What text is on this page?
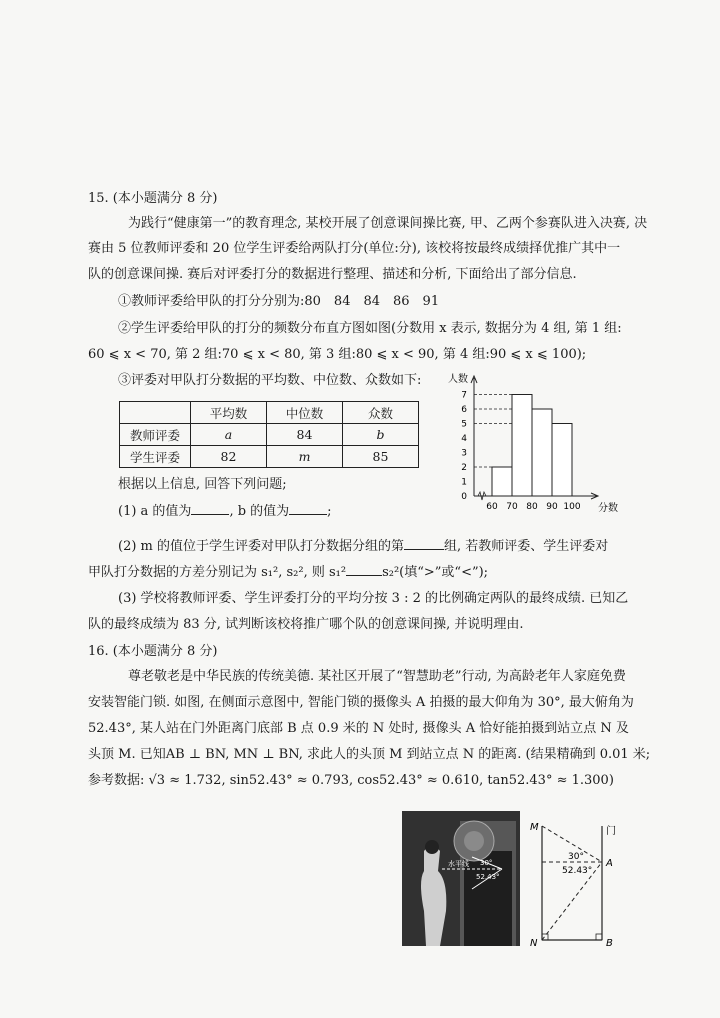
15. (本小题满分 8 分)
为践行“健康第一”的教育理念, 某校开展了创意课间操比赛, 甲、乙两个参赛队进入决赛, 决
赛由 5 位教师评委和 20 位学生评委给两队打分(单位:分), 该校将按最终成绩择优推广其中一
队的创意课间操. 赛后对评委打分的数据进行整理、描述和分析, 下面给出了部分信息.
①教师评委给甲队的打分分别为:80　84　84　86　91
②学生评委给甲队的打分的频数分布直方图如图(分数用 x 表示, 数据分为 4 组, 第 1 组:
60 ⩽ x < 70, 第 2 组:70 ⩽ x < 80, 第 3 组:80 ⩽ x < 90, 第 4 组:90 ⩽ x ⩽ 100);
③评委对甲队打分数据的平均数、中位数、众数如下:
	平均数	中位数	众数
教师评委	a	84	b
学生评委	82	m	85
0
1
2
3
4
5
6
7
60 70 80 90 100
人数
分数
根据以上信息, 回答下列问题;
(1) a 的值为	, b 的值为	;
(2) m 的值位于学生评委对甲队打分数据分组的第	组, 若教师评委、学生评委对
甲队打分数据的方差分别记为 s₁², s₂², 则 s₁²	s₂²(填“>”或“<”);
(3) 学校将教师评委、学生评委打分的平均分按 3 : 2 的比例确定两队的最终成绩. 已知乙
队的最终成绩为 83 分, 试判断该校将推广哪个队的创意课间操, 并说明理由.
16. (本小题满分 8 分)
尊老敬老是中华民族的传统美德. 某社区开展了“智慧助老”行动, 为高龄老年人家庭免费
安装智能门锁. 如图, 在侧面示意图中, 智能门锁的摄像头 A 拍摄的最大仰角为 30°, 最大俯角为
52.43°, 某人站在门外距离门底部 B 点 0.9 米的 N 处时, 摄像头 A 恰好能拍摄到站立点 N 及
头顶 M. 已知AB ⊥ BN, MN ⊥ BN, 求此人的头顶 M 到站立点 N 的距离. (结果精确到 0.01 米;
参考数据: √3 ≈ 1.732, sin52.43° ≈ 0.793, cos52.43° ≈ 0.610, tan52.43° ≈ 1.300)
水平线 30°
52.43°
M
N
A
B
门
30°
52.43°
